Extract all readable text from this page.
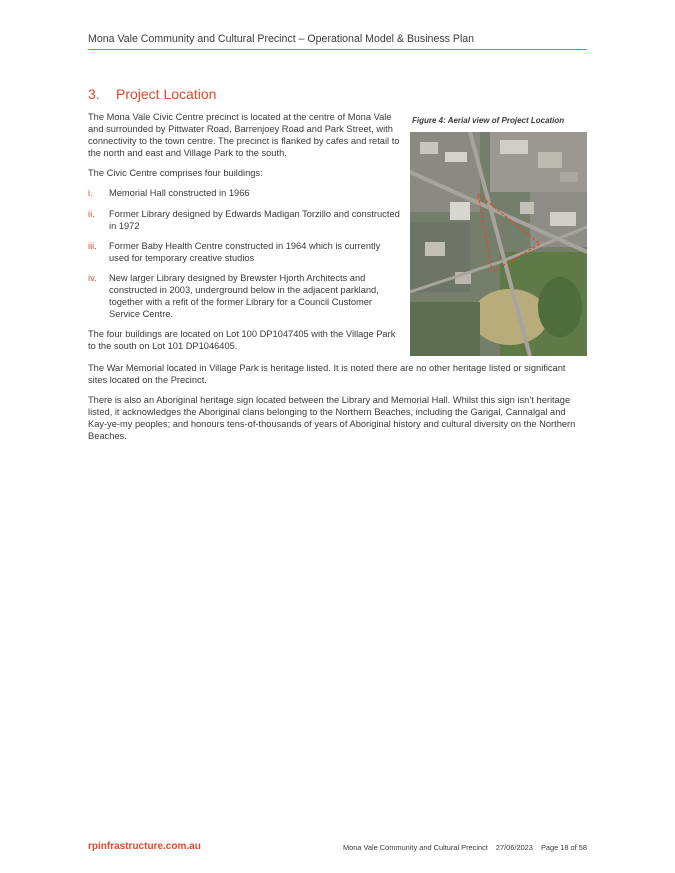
Mona Vale Community and Cultural Precinct – Operational Model & Business Plan
3. Project Location

The Mona Vale Civic Centre precinct is located at the centre of Mona Vale and surrounded by Pittwater Road, Barrenjoey Road and Park Street, with connectivity to the town centre. The precinct is flanked by cafes and retail to the north and east and Village Park to the south.

The Civic Centre comprises four buildings:

i. Memorial Hall constructed in 1966
ii. Former Library designed by Edwards Madigan Torzillo and constructed in 1972
iii. Former Baby Health Centre constructed in 1964 which is currently used for temporary creative studios
iv. New larger Library designed by Brewster Hjorth Architects and constructed in 2003, underground below in the adjacent parkland, together with a refit of the former Library for a Council Customer Service Centre.

The four buildings are located on Lot 100 DP1047405 with the Village Park to the south on Lot 101 DP1046405.

The War Memorial located in Village Park is heritage listed. It is noted there are no other heritage listed or significant sites located on the Precinct.

There is also an Aboriginal heritage sign located between the Library and Memorial Hall. Whilst this sign isn’t heritage listed, it acknowledges the Aboriginal clans belonging to the Northern Beaches, including the Garigal, Cannalgal and Kay-ye-my peoples; and honours tens-of-thousands of years of Aboriginal history and cultural diversity on the Northern Beaches.

Figure 4: Aerial view of Project Location
rpinfrastructure.com.au	Mona Vale Community and Cultural Precinct 27/06/2023 Page 18 of 58
